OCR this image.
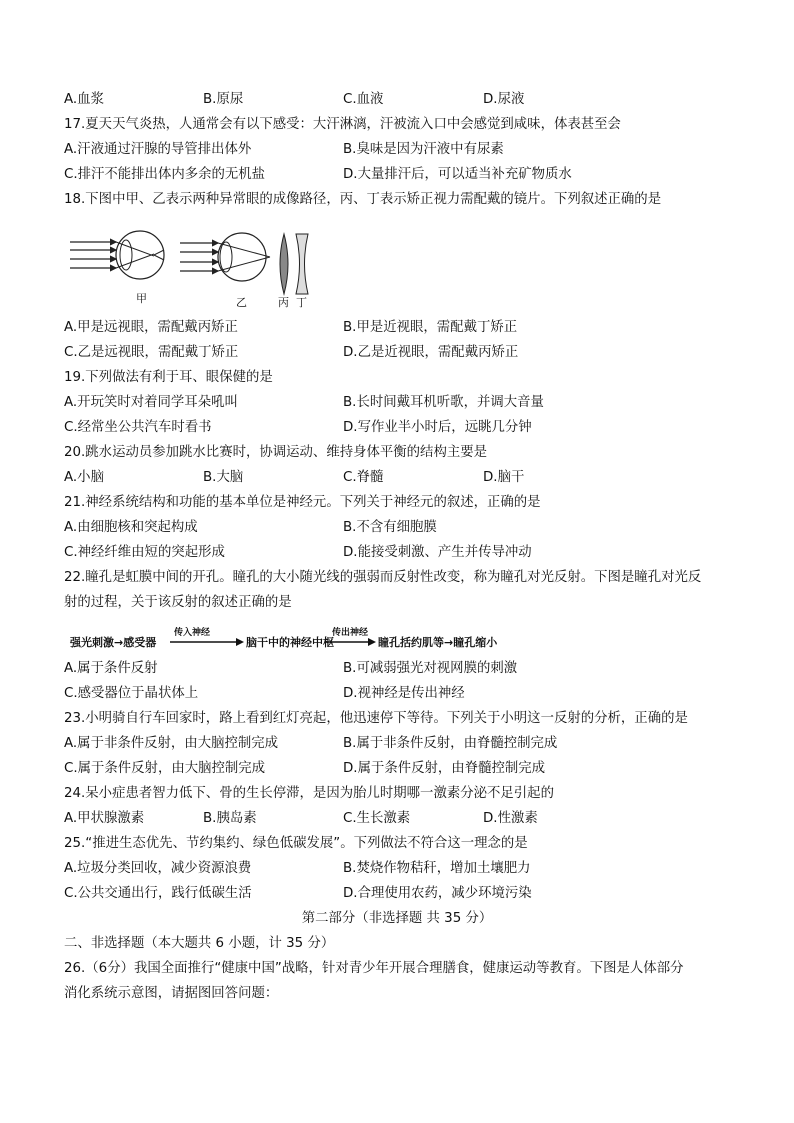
A.血浆	B.原尿	C.血液	D.尿液
17.夏天天气炎热，人通常会有以下感受：大汗淋漓，汗被流入口中会感觉到咸味，体表甚至会
A.汗液通过汗腺的导管排出体外	B.臭味是因为汗液中有尿素
C.排汗不能排出体内多余的无机盐	D.大量排汗后，可以适当补充矿物质水
18.下图中甲、乙表示两种异常眼的成像路径，丙、丁表示矫正视力需配戴的镜片。下列叙述正确的是
甲	乙	丙 丁
A.甲是远视眼，需配戴丙矫正	B.甲是近视眼，需配戴丁矫正
C.乙是远视眼，需配戴丁矫正	D.乙是近视眼，需配戴丙矫正
19.下列做法有利于耳、眼保健的是
A.开玩笑时对着同学耳朵吼叫	B.长时间戴耳机听歌，并调大音量
C.经常坐公共汽车时看书	D.写作业半小时后，远眺几分钟
20.跳水运动员参加跳水比赛时，协调运动、维持身体平衡的结构主要是
A.小脑	B.大脑	C.脊髓	D.脑干
21.神经系统结构和功能的基本单位是神经元。下列关于神经元的叙述，正确的是
A.由细胞核和突起构成	B.不含有细胞膜
C.神经纤维由短的突起形成	D.能接受刺激、产生并传导冲动
22.瞳孔是虹膜中间的开孔。瞳孔的大小随光线的强弱而反射性改变，称为瞳孔对光反射。下图是瞳孔对光反
射的过程，关于该反射的叙述正确的是
强光刺激→感受器
传入神经
脑干中的神经中枢
传出神经
瞳孔括约肌等→瞳孔缩小
A.属于条件反射	B.可减弱强光对视网膜的刺激
C.感受器位于晶状体上	D.视神经是传出神经
23.小明骑自行车回家时，路上看到红灯亮起，他迅速停下等待。下列关于小明这一反射的分析，正确的是
A.属于非条件反射，由大脑控制完成	B.属于非条件反射，由脊髓控制完成
C.属于条件反射，由大脑控制完成	D.属于条件反射，由脊髓控制完成
24.呆小症患者智力低下、骨的生长停滞，是因为胎儿时期哪一激素分泌不足引起的
A.甲状腺激素	B.胰岛素	C.生长激素	D.性激素
25.“推进生态优先、节约集约、绿色低碳发展”。下列做法不符合这一理念的是
A.垃圾分类回收，减少资源浪费	B.焚烧作物秸秆，增加土壤肥力
C.公共交通出行，践行低碳生活	D.合理使用农药，减少环境污染
第二部分（非选择题 共 35 分）
二、非选择题（本大题共 6 小题，计 35 分）
26.（6分）我国全面推行“健康中国”战略，针对青少年开展合理膳食，健康运动等教育。下图是人体部分
消化系统示意图，请据图回答问题：
